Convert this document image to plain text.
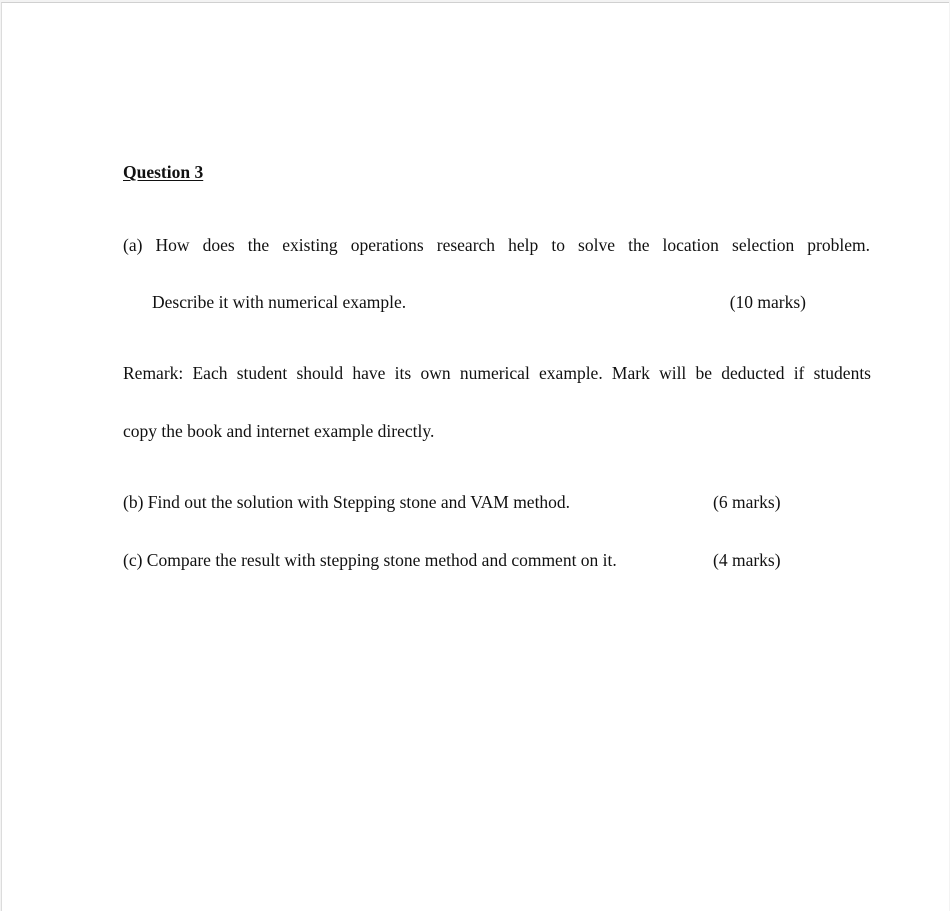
Question 3
(a) How does the existing operations research help to solve the location selection problem.
Describe it with numerical example.	(10 marks)
Remark: Each student should have its own numerical example. Mark will be deducted if students
copy the book and internet example directly.
(b) Find out the solution with Stepping stone and VAM method.	(6 marks)
(c) Compare the result with stepping stone method and comment on it.	(4 marks)
